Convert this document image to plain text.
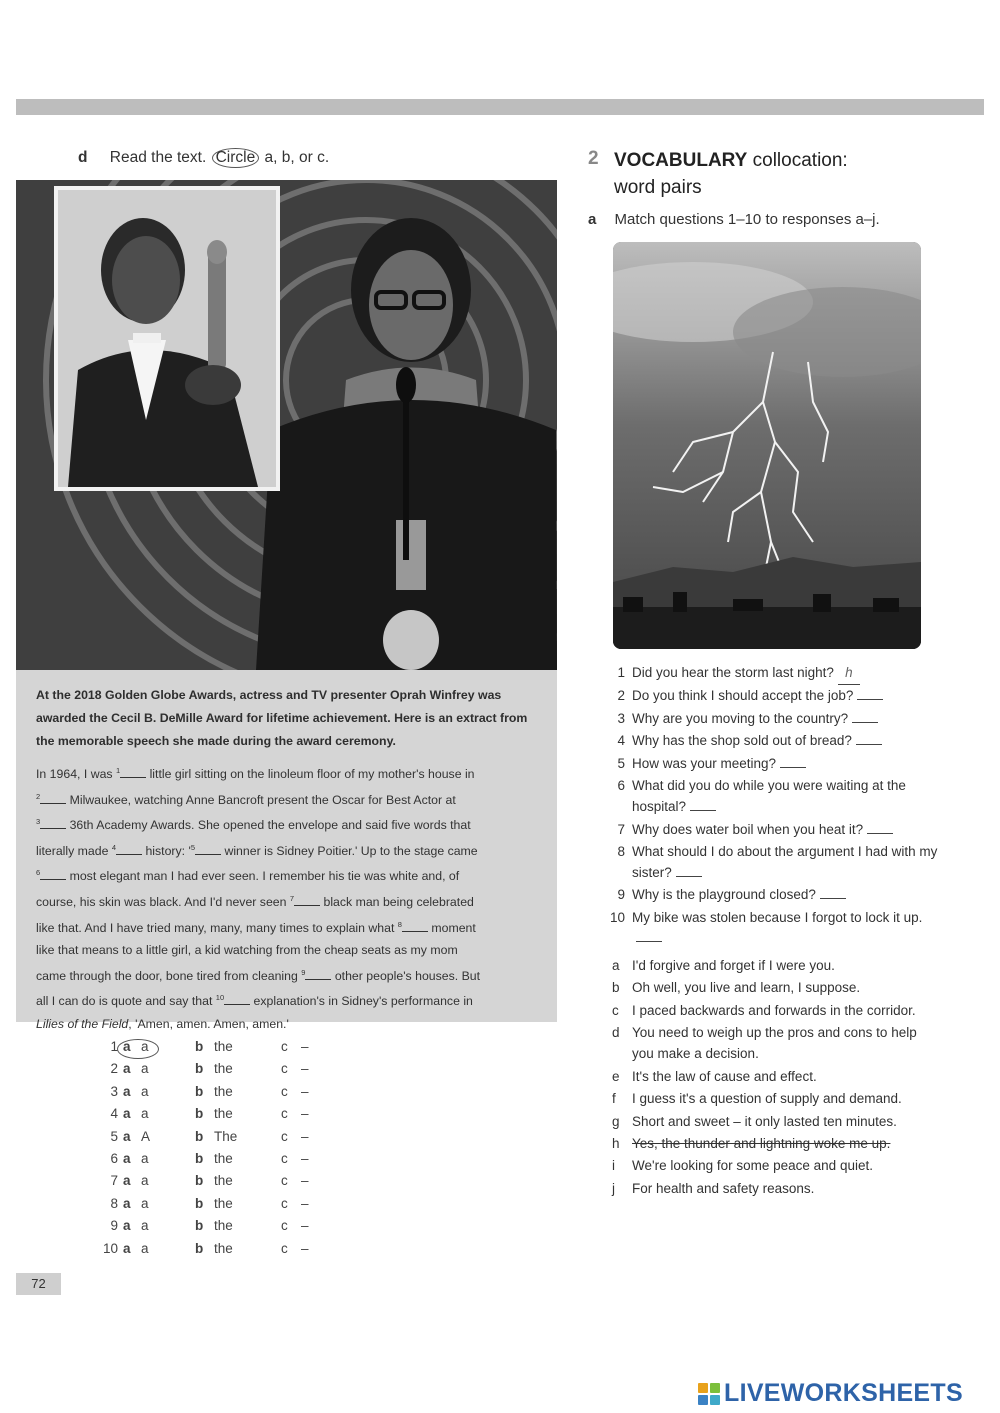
d Read the text. Circle a, b, or c.
At the 2018 Golden Globe Awards, actress and TV presenter Oprah Winfrey was awarded the Cecil B. DeMille Award for lifetime achievement. Here is an extract from the memorable speech she made during the award ceremony.
In 1964, I was $^1$ little girl sitting on the linoleum floor of my mother's house in
$^2$ Milwaukee, watching Anne Bancroft present the Oscar for Best Actor at
$^3$ 36th Academy Awards. She opened the envelope and said five words that
literally made $^4$ history: '$^5$ winner is Sidney Poitier.' Up to the stage came
$^6$ most elegant man I had ever seen. I remember his tie was white and, of
course, his skin was black. And I'd never seen $^7$ black man being celebrated
like that. And I have tried many, many, many times to explain what $^8$ moment
like that means to a little girl, a kid watching from the cheap seats as my mom
came through the door, bone tired from cleaning $^9$ other people's houses. But
all I can do is quote and say that $^{10}$ explanation's in Sidney's performance in
Lilies of the Field, 'Amen, amen. Amen, amen.'
1 a a	b the	c –
2 a a	b the	c –
3 a a	b the	c –
4 a a	b the	c –
5 a A	b The	c –
6 a a	b the	c –
7 a a	b the	c –
8 a a	b the	c –
9 a a	b the	c –
10 a a	b the	c –
72
2 VOCABULARY collocation:
word pairs
a Match questions 1–10 to responses a–j.
1 Did you hear the storm last night? h
2 Do you think I should accept the job?
3 Why are you moving to the country?
4 Why has the shop sold out of bread?
5 How was your meeting?
6 What did you do while you were waiting at the hospital?
7 Why does water boil when you heat it?
8 What should I do about the argument I had with my sister?
9 Why is the playground closed?
10 My bike was stolen because I forgot to lock it up.
a I'd forgive and forget if I were you.
b Oh well, you live and learn, I suppose.
c I paced backwards and forwards in the corridor.
d You need to weigh up the pros and cons to help you make a decision.
e It's the law of cause and effect.
f I guess it's a question of supply and demand.
g Short and sweet – it only lasted ten minutes.
h Yes, the thunder and lightning woke me up.
i We're looking for some peace and quiet.
j For health and safety reasons.
LIVEWORKSHEETS
